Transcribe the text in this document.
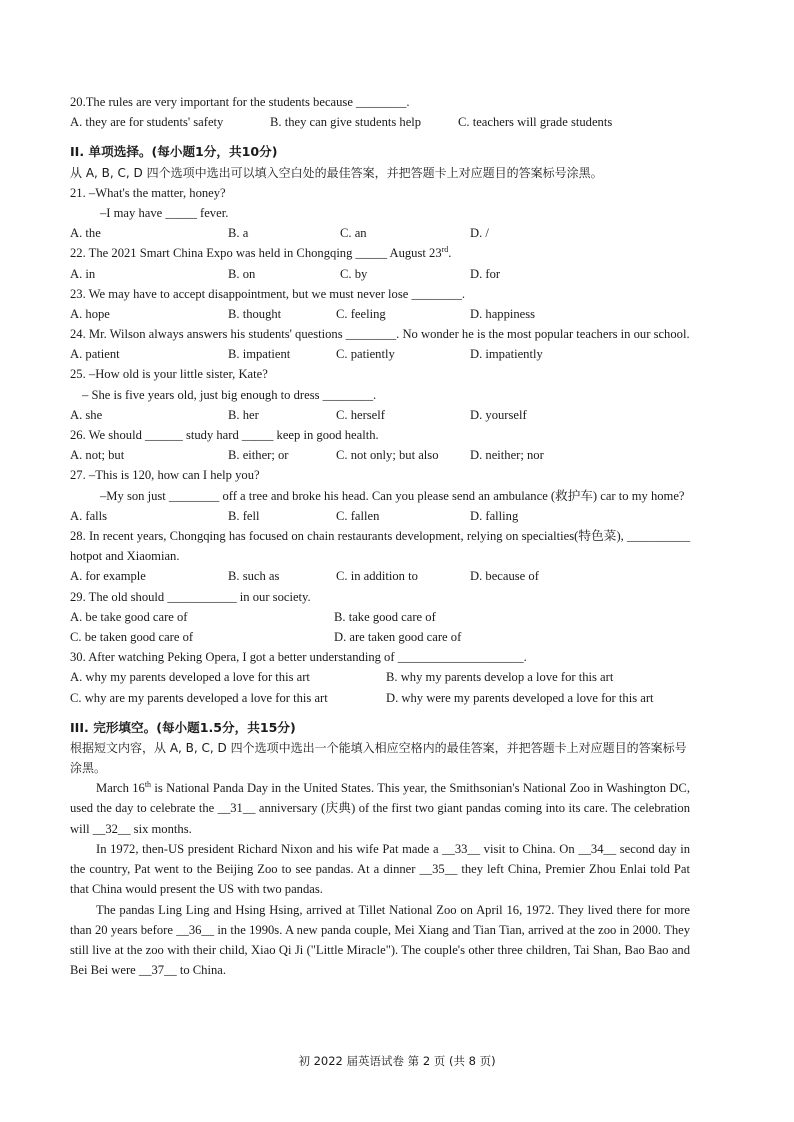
20.The rules are very important for the students because ________.
A. they are for students' safety	B. they can give students help	C. teachers will grade students
II. 单项选择。(每小题1分，共10分)
从 A, B, C, D 四个选项中选出可以填入空白处的最佳答案，并把答题卡上对应题目的答案标号涂黑。
21. –What's the matter, honey?
–I may have _____ fever.
A. the	B. a	C. an	D. /
22. The 2021 Smart China Expo was held in Chongqing _____ August 23rd.
A. in	B. on	C. by	D. for
23. We may have to accept disappointment, but we must never lose ________.
A. hope	B. thought	C. feeling	D. happiness
24. Mr. Wilson always answers his students' questions ________. No wonder he is the most popular teachers in our school.
A. patient	B. impatient	C. patiently	D. impatiently
25. –How old is your little sister, Kate?
– She is five years old, just big enough to dress ________.
A. she	B. her	C. herself	D. yourself
26. We should ______ study hard _____ keep in good health.
A. not; but	B. either; or	C. not only; but also D. neither; nor
27. –This is 120, how can I help you?
–My son just ________ off a tree and broke his head. Can you please send an ambulance (救护车) car to my home?
A. falls	B. fell	C. fallen	D. falling
28. In recent years, Chongqing has focused on chain restaurants development, relying on specialties(特色菜), __________ hotpot and Xiaomian.
A. for example	B. such as	C. in addition to	D. because of
29. The old should ___________ in our society.
A. be take good care of	B. take good care of
C. be taken good care of	D. are taken good care of
30. After watching Peking Opera, I got a better understanding of ____________________.
A. why my parents developed a love for this art	B. why my parents develop a love for this art
C. why are my parents developed a love for this art	D. why were my parents developed a love for this art
III. 完形填空。(每小题1.5分，共15分)
根据短文内容，从 A, B, C, D 四个选项中选出一个能填入相应空格内的最佳答案，并把答题卡上对应题目的答案标号涂黑。
March 16th is National Panda Day in the United States. This year, the Smithsonian's National Zoo in Washington DC, used the day to celebrate the __31__ anniversary (庆典) of the first two giant pandas coming into its care. The celebration will __32__ six months.
In 1972, then-US president Richard Nixon and his wife Pat made a __33__ visit to China. On __34__ second day in the country, Pat went to the Beijing Zoo to see pandas. At a dinner __35__ they left China, Premier Zhou Enlai told Pat that China would present the US with two pandas.
The pandas Ling Ling and Hsing Hsing, arrived at Tillet National Zoo on April 16, 1972. They lived there for more than 20 years before __36__ in the 1990s. A new panda couple, Mei Xiang and Tian Tian, arrived at the zoo in 2000. They still live at the zoo with their child, Xiao Qi Ji ("Little Miracle"). The couple's other three children, Tai Shan, Bao Bao and Bei Bei were __37__ to China.
初 2022 届英语试卷 第 2 页 (共 8 页)
